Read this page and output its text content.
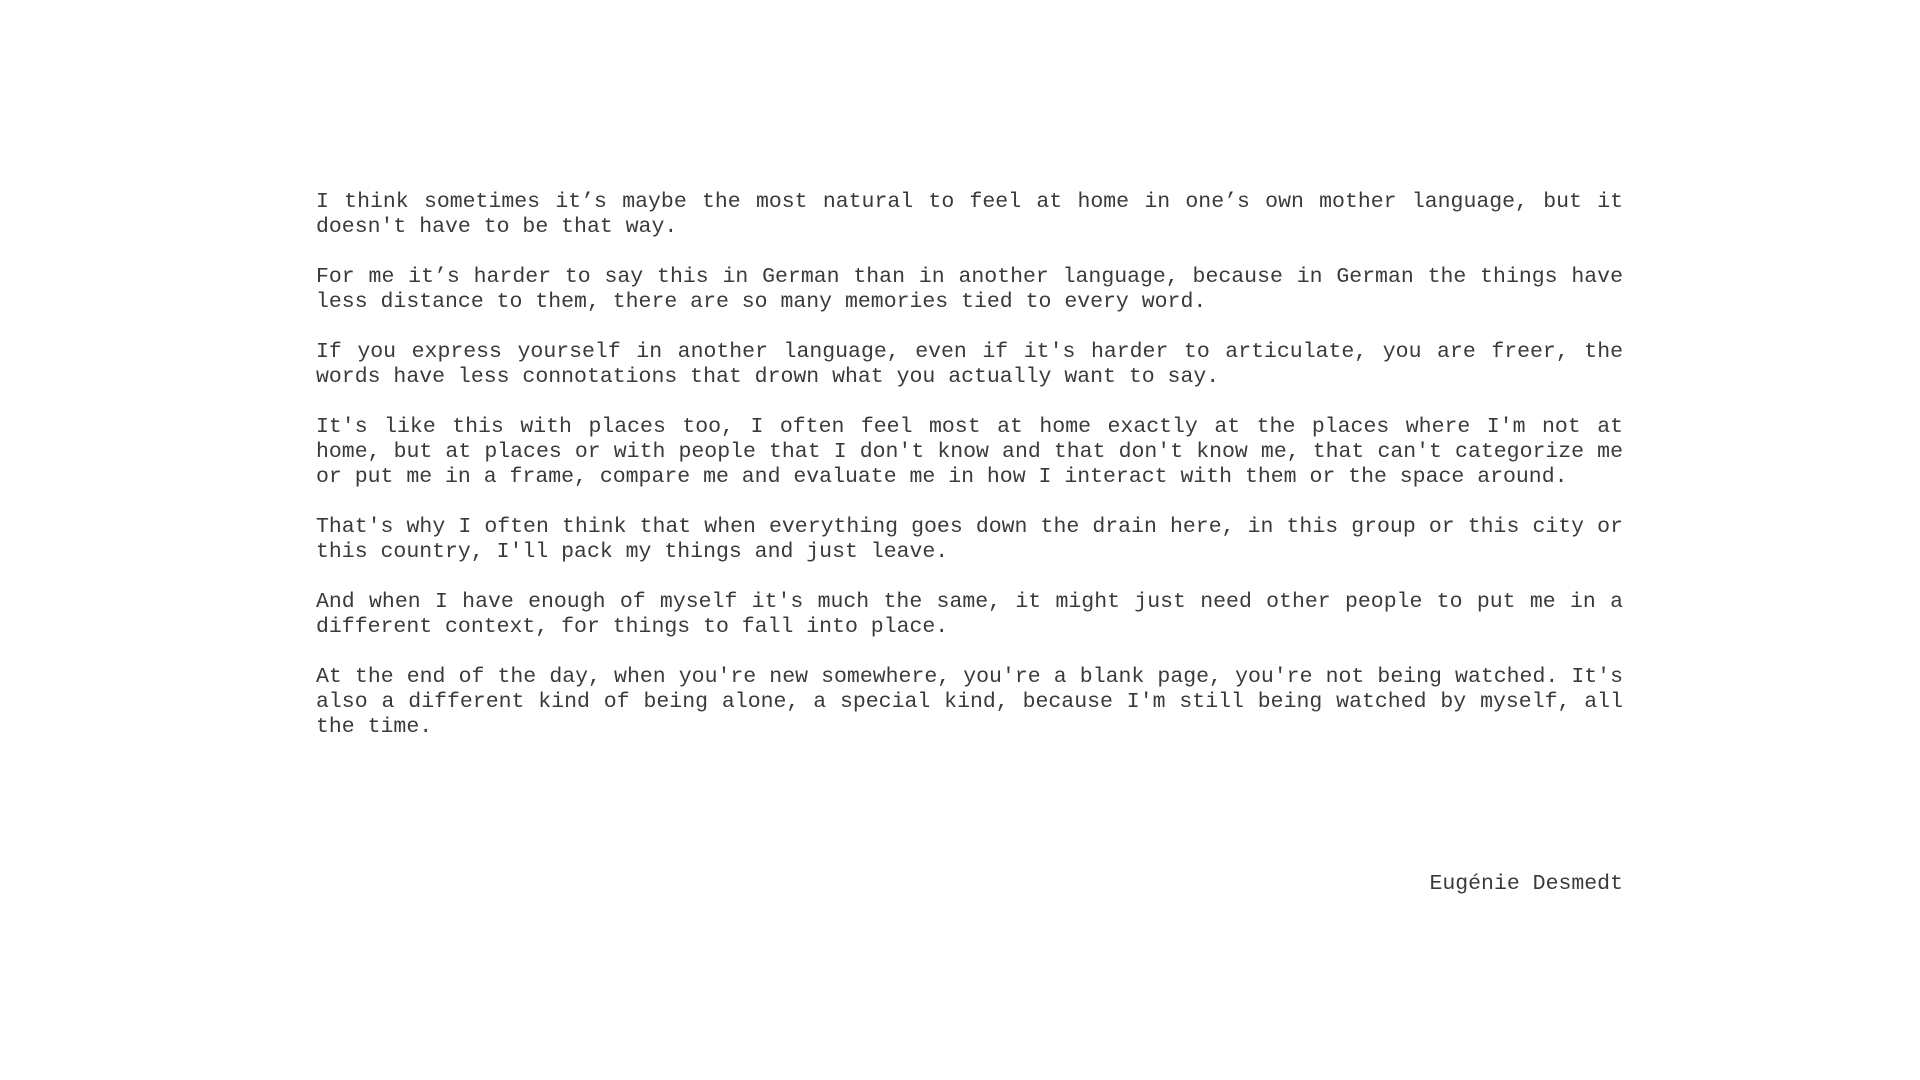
I think sometimes it’s maybe the most natural to feel at home in one’s own mother language, but it doesn't have to be that way.

For me it’s harder to say this in German than in another language, because in German the things have less distance to them, there are so many memories tied to every word.

If you express yourself in another language, even if it's harder to articulate, you are freer, the words have less connotations that drown what you actually want to say.

It's like this with places too, I often feel most at home exactly at the places where I'm not at home, but at places or with people that I don't know and that don't know me, that can't categorize me or put me in a frame, compare me and evaluate me in how I interact with them or the space around.

That's why I often think that when everything goes down the drain here, in this group or this city or this country, I'll pack my things and just leave.

And when I have enough of myself it's much the same, it might just need other people to put me in a different context, for things to fall into place.

At the end of the day, when you're new somewhere, you're a blank page, you're not being watched. It's also a different kind of being alone, a special kind, because I'm still being watched by myself, all the time.

Eugénie Desmedt
